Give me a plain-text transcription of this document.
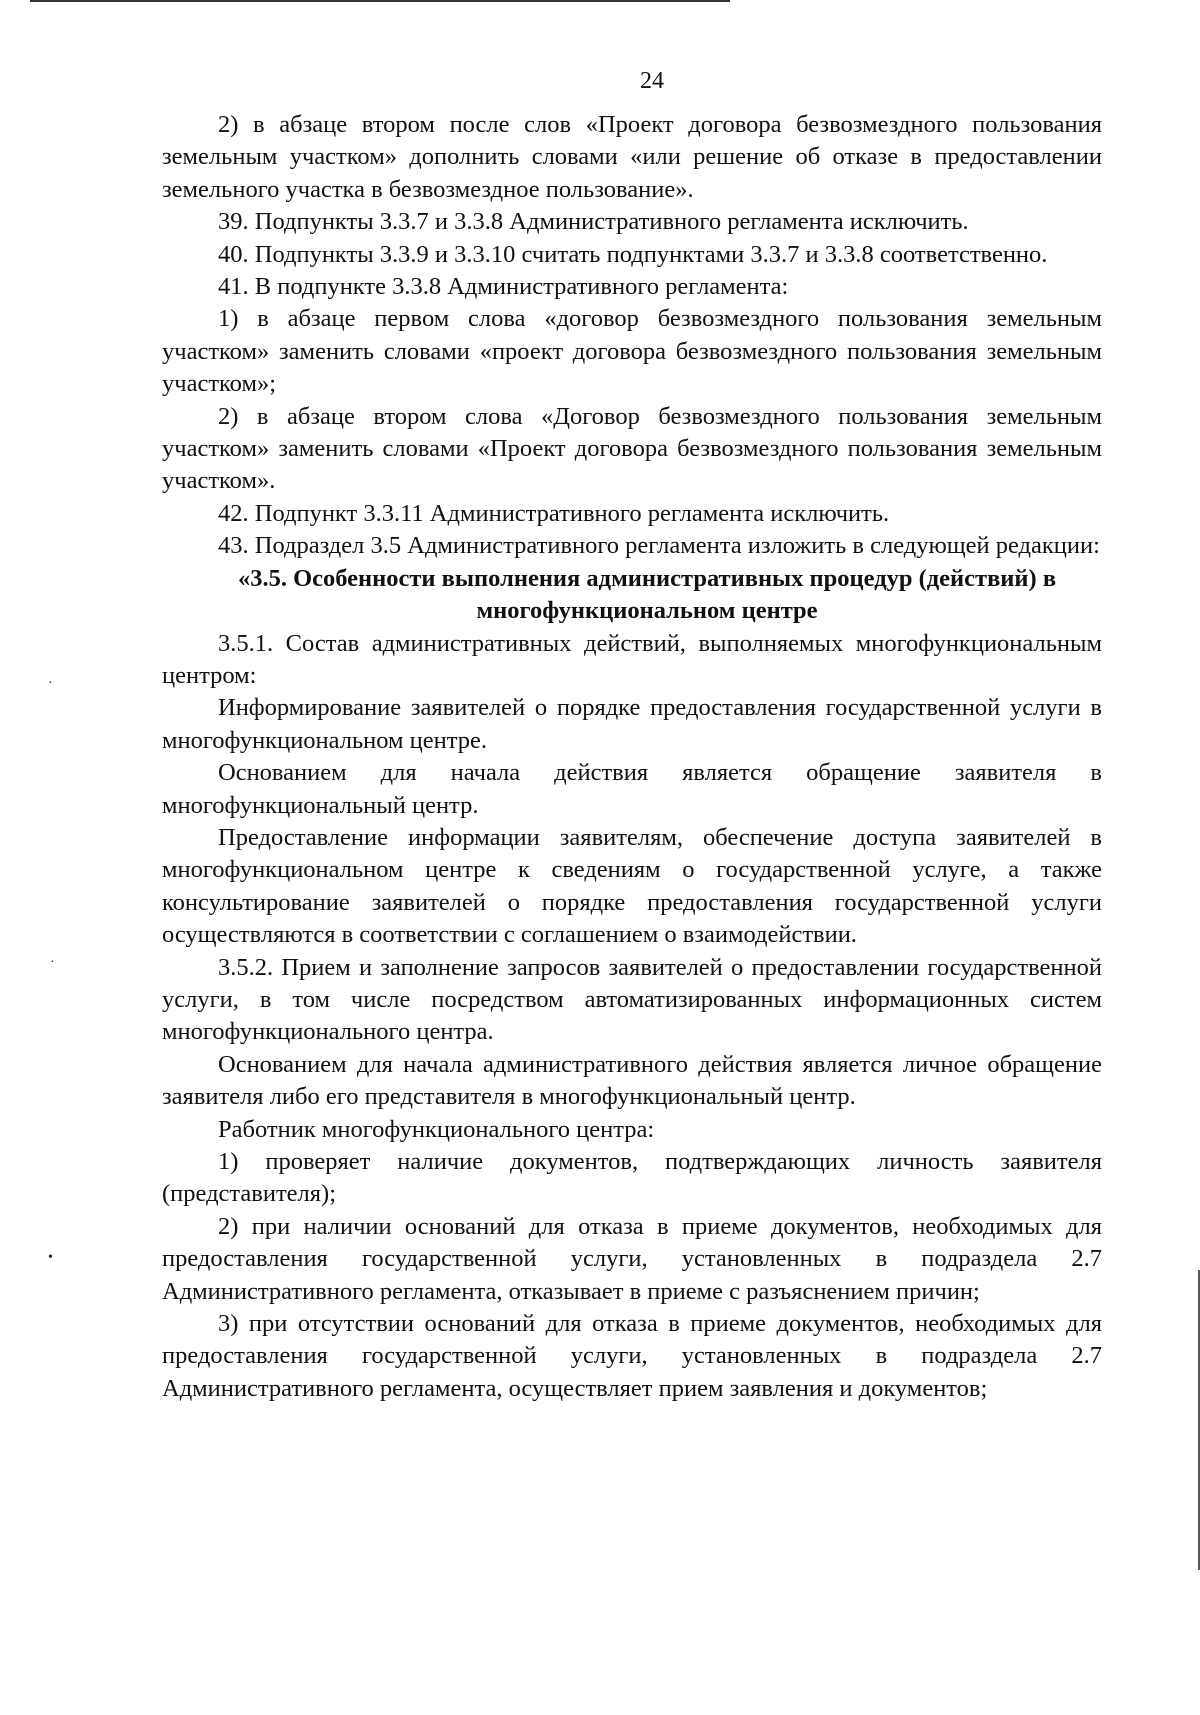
·
·
•
24

2) в абзаце втором после слов «Проект договора безвозмездного пользования земельным участком» дополнить словами «или решение об отказе в предоставлении земельного участка в безвозмездное пользование».

39. Подпункты 3.3.7 и 3.3.8 Административного регламента исключить.

40. Подпункты 3.3.9 и 3.3.10 считать подпунктами 3.3.7 и 3.3.8 соответственно.

41. В подпункте 3.3.8 Административного регламента:

1) в абзаце первом слова «договор безвозмездного пользования земельным участком» заменить словами «проект договора безвозмездного пользования земельным участком»;

2) в абзаце втором слова «Договор безвозмездного пользования земельным участком» заменить словами «Проект договора безвозмездного пользования земельным участком».

42. Подпункт 3.3.11 Административного регламента исключить.

43. Подраздел 3.5 Административного регламента изложить в следующей редакции:

«3.5. Особенности выполнения административных процедур (действий) в многофункциональном центре

3.5.1. Состав административных действий, выполняемых многофункциональным центром:

Информирование заявителей о порядке предоставления государственной услуги в многофункциональном центре.

Основанием для начала действия является обращение заявителя в многофункциональный центр.

Предоставление информации заявителям, обеспечение доступа заявителей в многофункциональном центре к сведениям о государственной услуге, а также консультирование заявителей о порядке предоставления государственной услуги осуществляются в соответствии с соглашением о взаимодействии.

3.5.2. Прием и заполнение запросов заявителей о предоставлении государственной услуги, в том числе посредством автоматизированных информационных систем многофункционального центра.

Основанием для начала административного действия является личное обращение заявителя либо его представителя в многофункциональный центр.

Работник многофункционального центра:

1) проверяет наличие документов, подтверждающих личность заявителя (представителя);

2) при наличии оснований для отказа в приеме документов, необходимых для предоставления государственной услуги, установленных в подраздела 2.7 Административного регламента, отказывает в приеме с разъяснением причин;

3) при отсутствии оснований для отказа в приеме документов, необходимых для предоставления государственной услуги, установленных в подраздела 2.7 Административного регламента, осуществляет прием заявления и документов;
